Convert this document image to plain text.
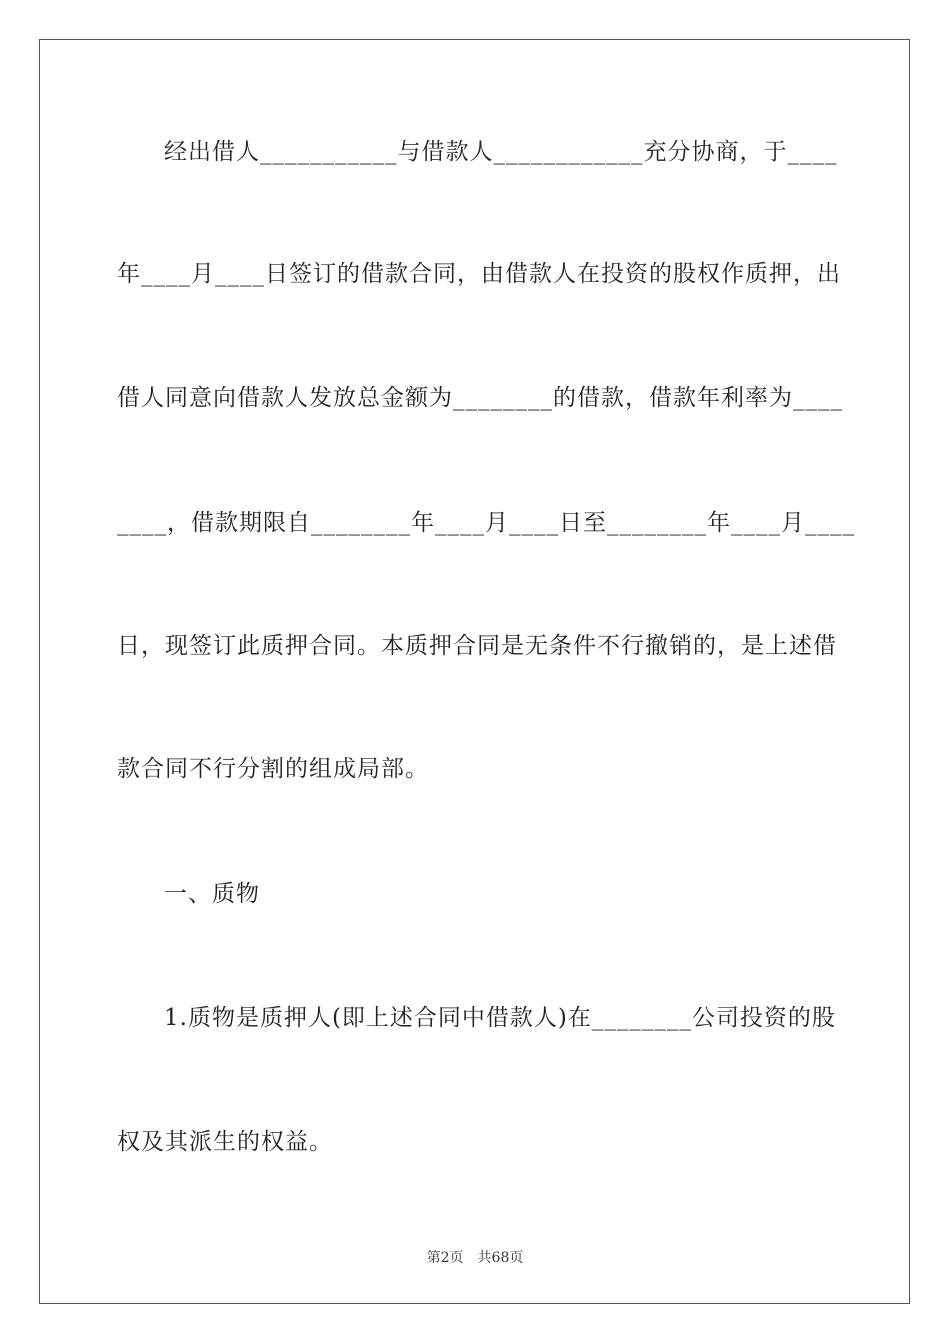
经出借人___________与借款人____________充分协商，于____
年____月____日签订的借款合同，由借款人在投资的股权作质押，出
借人同意向借款人发放总金额为________的借款，借款年利率为____
____，借款期限自________年____月____日至________年____月____
日，现签订此质押合同。本质押合同是无条件不行撤销的，是上述借
款合同不行分割的组成局部。
一、质物
1.质物是质押人(即上述合同中借款人)在________公司投资的股
权及其派生的权益。
第2页 共68页
